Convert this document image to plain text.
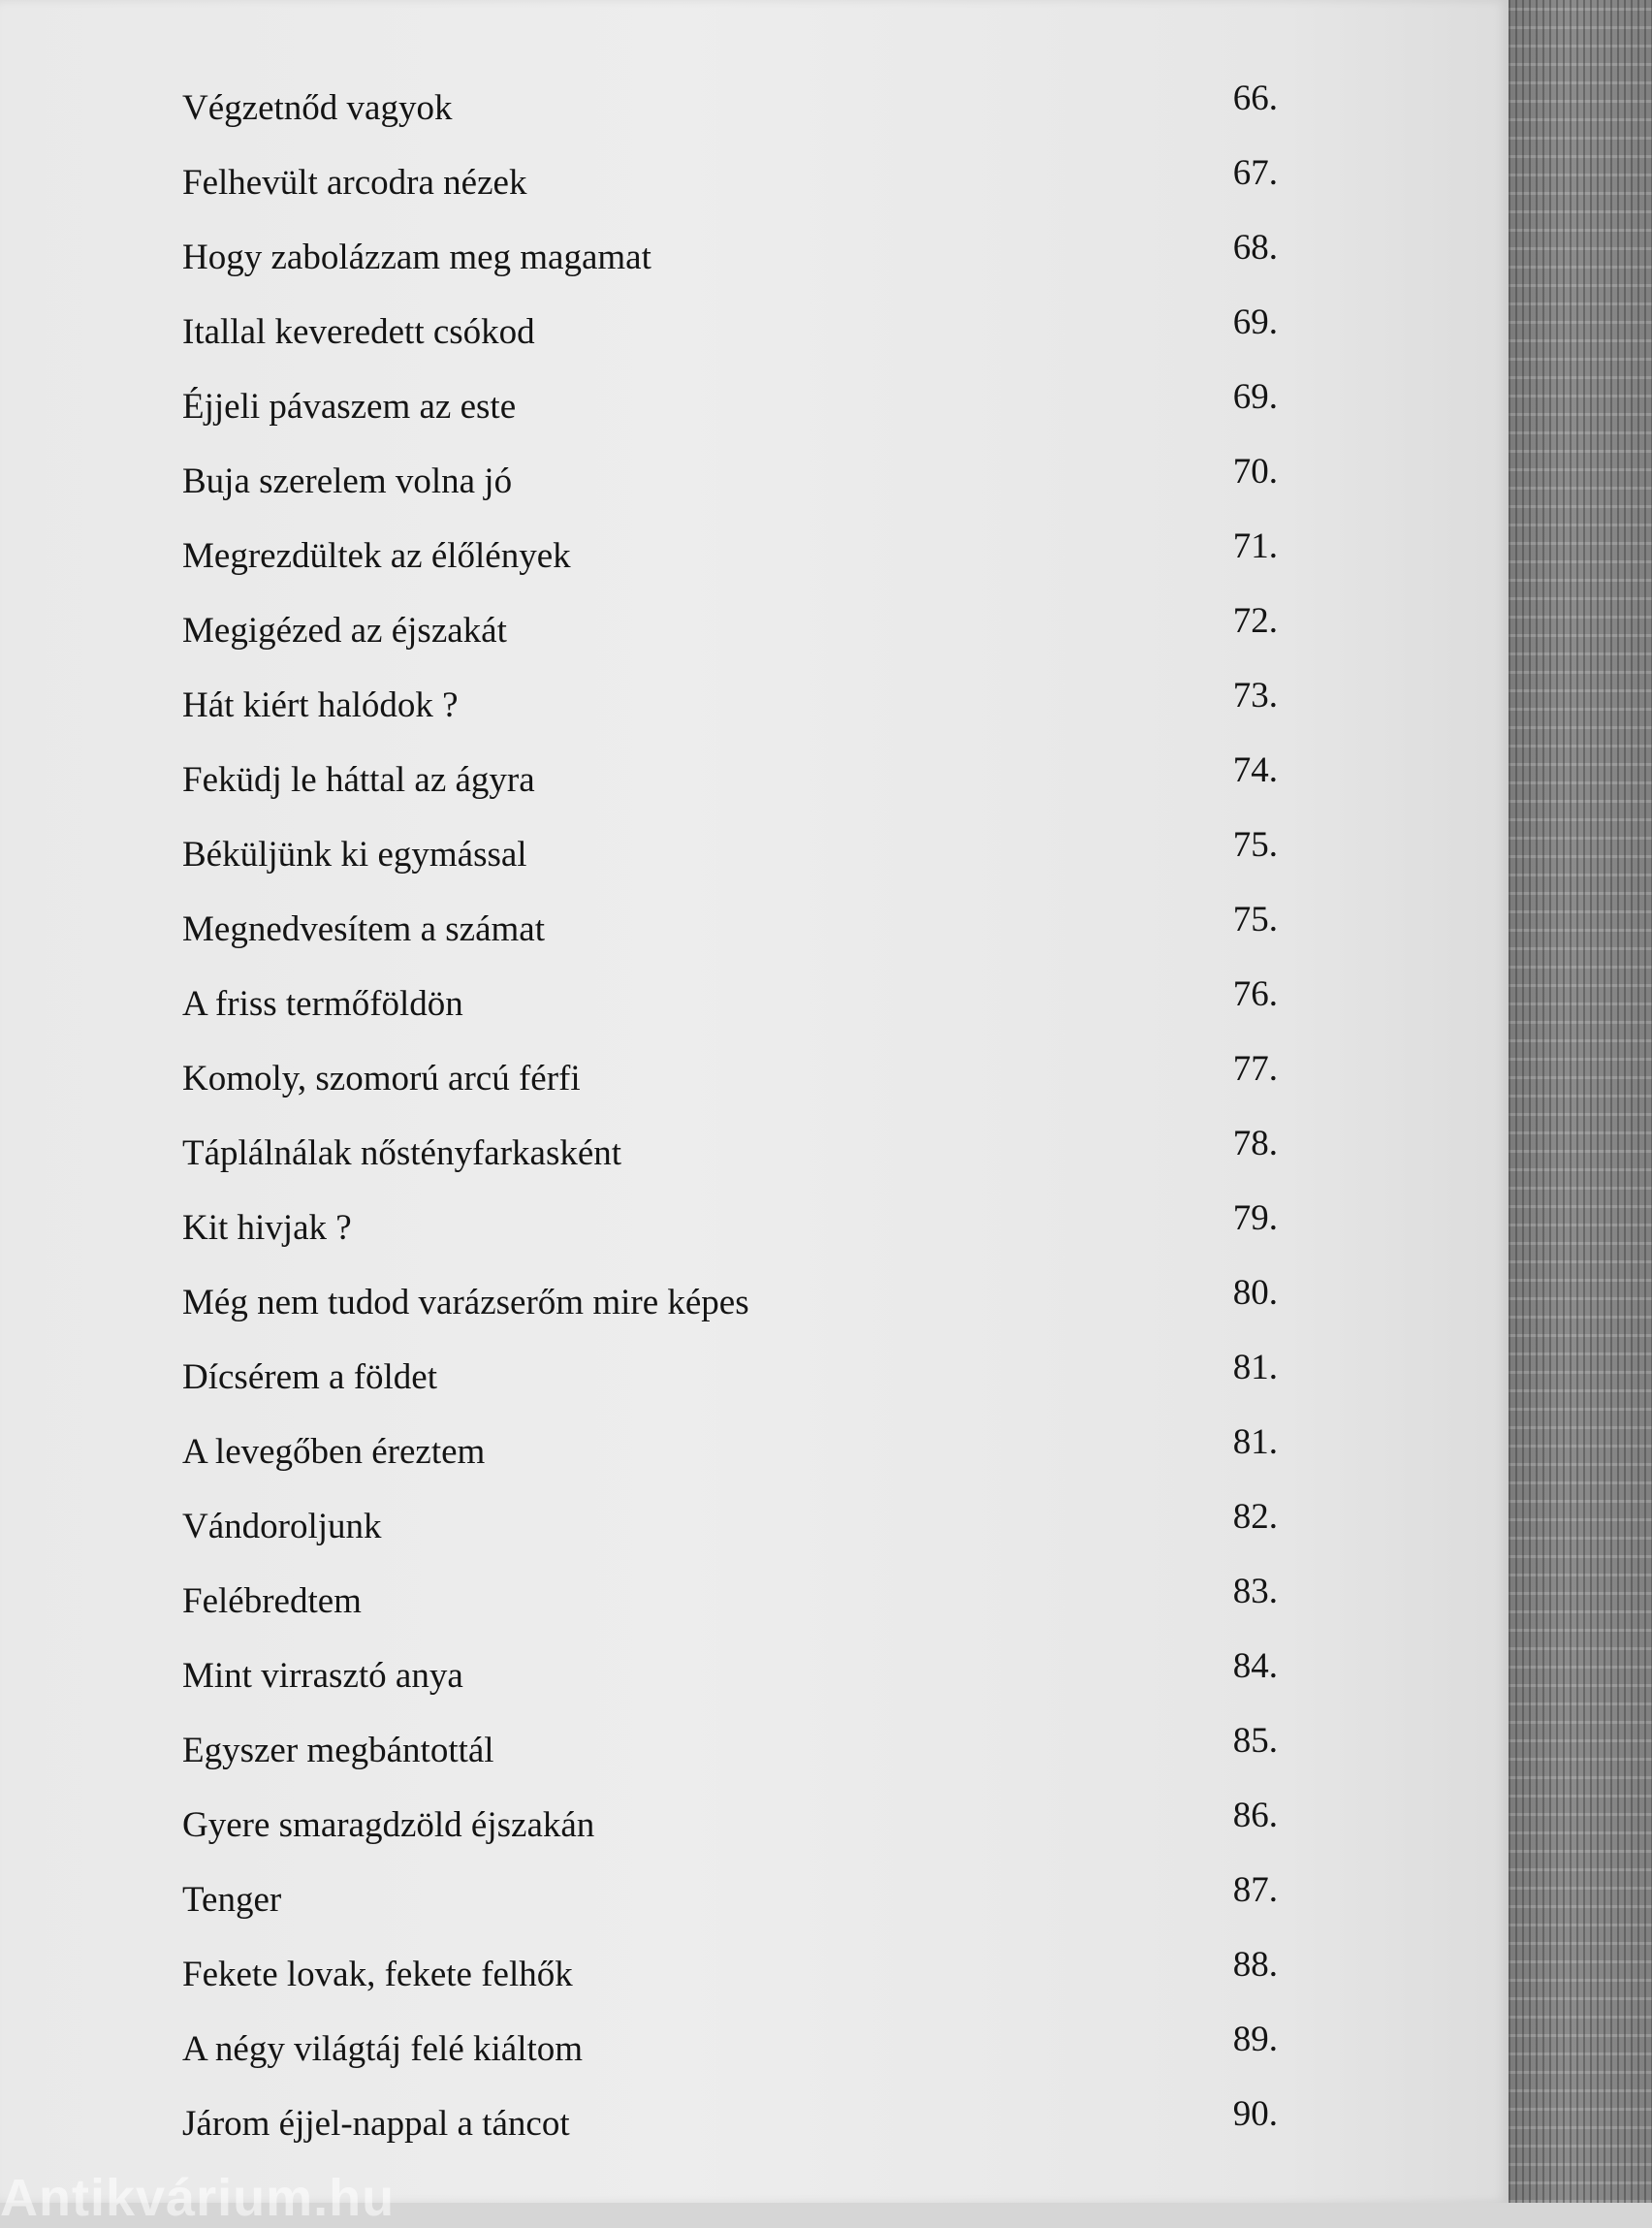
Végzetnőd vagyok	66.
Felhevült arcodra nézek	67.
Hogy zabolázzam meg magamat	68.
Itallal keveredett csókod	69.
Éjjeli pávaszem az este	69.
Buja szerelem volna jó	70.
Megrezdültek az élőlények	71.
Megigézed az éjszakát	72.
Hát kiért halódok ?	73.
Feküdj le háttal az ágyra	74.
Béküljünk ki egymással	75.
Megnedvesítem a számat	75.
A friss termőföldön	76.
Komoly, szomorú arcú férfi	77.
Táplálnálak nőstényfarkasként	78.
Kit hivjak ?	79.
Még nem tudod varázserőm mire képes	80.
Dícsérem a földet	81.
A levegőben éreztem	81.
Vándoroljunk	82.
Felébredtem	83.
Mint virrasztó anya	84.
Egyszer megbántottál	85.
Gyere smaragdzöld éjszakán	86.
Tenger	87.
Fekete lovak, fekete felhők	88.
A négy világtáj felé kiáltom	89.
Járom éjjel-nappal a táncot	90.
Antikvárium.hu
